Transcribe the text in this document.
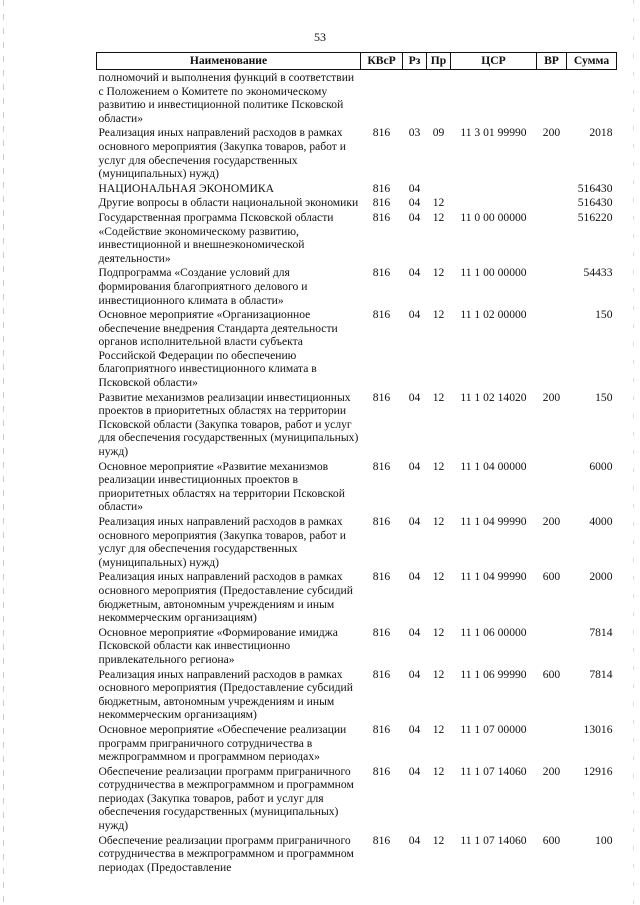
53
Наименование	КВсР	Рз	Пр	ЦСР	ВР	Сумма
полномочий и выполнения функций в соответствии с Положением о Комитете по экономическому развитию и инвестиционной политике Псковской области»						
Реализация иных направлений расходов в рамках основного мероприятия (Закупка товаров, работ и услуг для обеспечения государственных (муниципальных) нужд)	816	03	09	11 3 01 99990	200	2018
НАЦИОНАЛЬНАЯ ЭКОНОМИКА	816	04				516430
Другие вопросы в области национальной экономики	816	04	12			516430
Государственная программа Псковской области «Содействие экономическому развитию, инвестиционной и внешнеэкономической деятельности»	816	04	12	11 0 00 00000		516220
Подпрограмма «Создание условий для формирования благоприятного делового и инвестиционного климата в области»	816	04	12	11 1 00 00000		54433
Основное мероприятие «Организационное обеспечение внедрения Стандарта деятельности органов исполнительной власти субъекта Российской Федерации по обеспечению благоприятного инвестиционного климата в Псковской области»	816	04	12	11 1 02 00000		150
Развитие механизмов реализации инвестиционных проектов в приоритетных областях на территории Псковской области (Закупка товаров, работ и услуг для обеспечения государственных (муниципальных) нужд)	816	04	12	11 1 02 14020	200	150
Основное мероприятие «Развитие механизмов реализации инвестиционных проектов в приоритетных областях на территории Псковской области»	816	04	12	11 1 04 00000		6000
Реализация иных направлений расходов в рамках основного мероприятия (Закупка товаров, работ и услуг для обеспечения государственных (муниципальных) нужд)	816	04	12	11 1 04 99990	200	4000
Реализация иных направлений расходов в рамках основного мероприятия (Предоставление субсидий бюджетным, автономным учреждениям и иным некоммерческим организациям)	816	04	12	11 1 04 99990	600	2000
Основное мероприятие «Формирование имиджа Псковской области как инвестиционно привлекательного региона»	816	04	12	11 1 06 00000		7814
Реализация иных направлений расходов в рамках основного мероприятия (Предоставление субсидий бюджетным, автономным учреждениям и иным некоммерческим организациям)	816	04	12	11 1 06 99990	600	7814
Основное мероприятие «Обеспечение реализации программ приграничного сотрудничества в межпрограммном и программном периодах»	816	04	12	11 1 07 00000		13016
Обеспечение реализации программ приграничного сотрудничества в межпрограммном и программном периодах (Закупка товаров, работ и услуг для обеспечения государственных (муниципальных) нужд)	816	04	12	11 1 07 14060	200	12916
Обеспечение реализации программ приграничного сотрудничества в межпрограммном и программном периодах (Предоставление	816	04	12	11 1 07 14060	600	100
